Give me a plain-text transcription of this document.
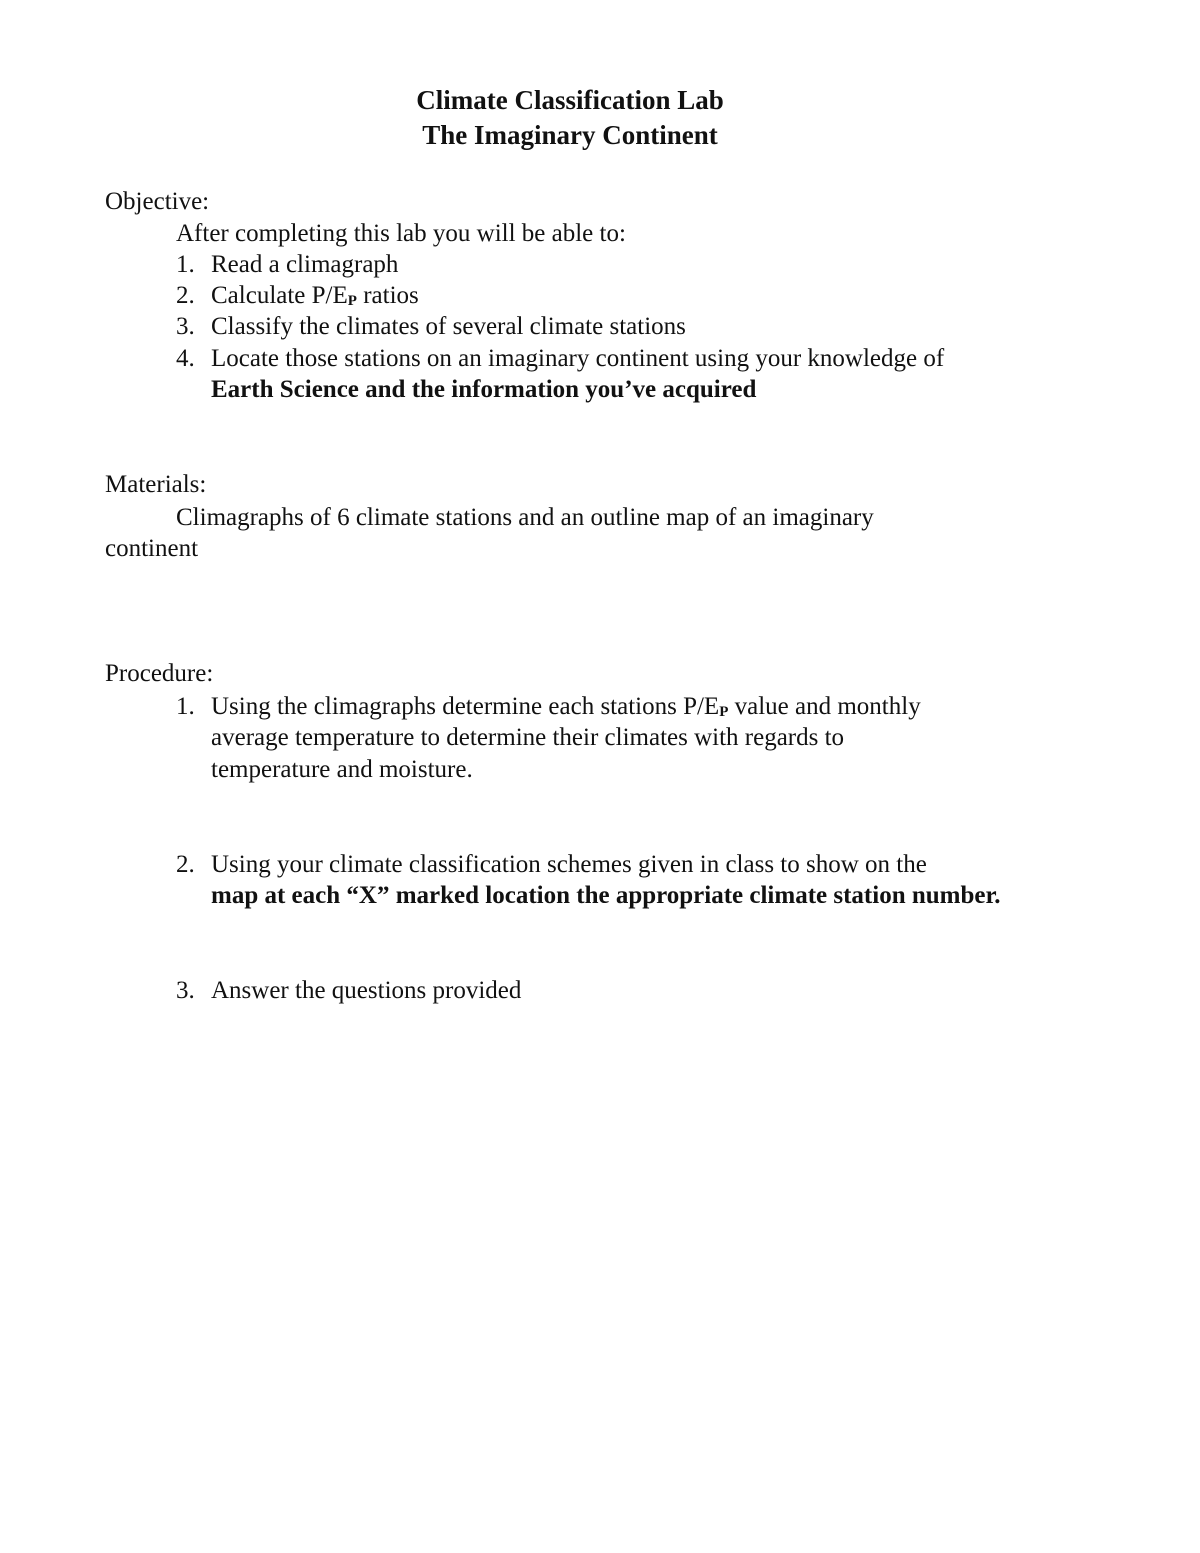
Climate Classification Lab
The Imaginary Continent

Objective:

After completing this lab you will be able to:

1. Read a climagraph
2. Calculate P/EP ratios
3. Classify the climates of several climate stations
4. Locate those stations on an imaginary continent using your knowledge of
Earth Science and the information you’ve acquired

Materials:

Climagraphs of 6 climate stations and an outline map of an imaginary

continent

Procedure:

1. Using the climagraphs determine each stations P/EP value and monthly
average temperature to determine their climates with regards to
temperature and moisture.
2. Using your climate classification schemes given in class to show on the
map at each “X” marked location the appropriate climate station number.
3. Answer the questions provided
